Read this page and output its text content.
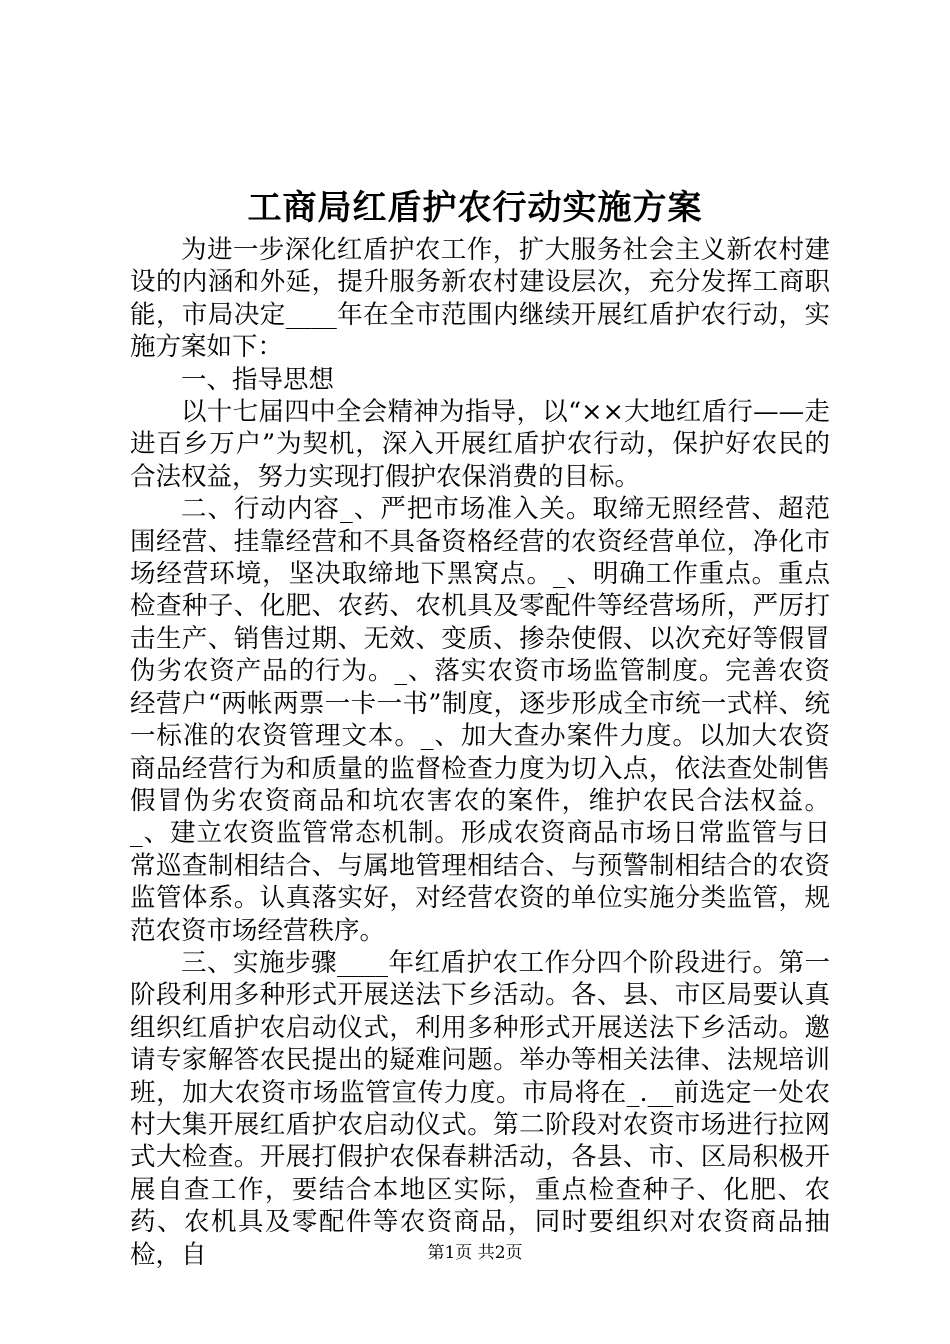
工商局红盾护农行动实施方案

为进一步深化红盾护农工作，扩大服务社会主义新农村建设的内涵和外延，提升服务新农村建设层次，充分发挥工商职能，市局决定____年在全市范围内继续开展红盾护农行动，实施方案如下：

一、指导思想

以十七届四中全会精神为指导，以“××大地红盾行——走进百乡万户”为契机，深入开展红盾护农行动，保护好农民的合法权益，努力实现打假护农保消费的目标。

二、行动内容_、严把市场准入关。取缔无照经营、超范围经营、挂靠经营和不具备资格经营的农资经营单位，净化市场经营环境，坚决取缔地下黑窝点。_、明确工作重点。重点检查种子、化肥、农药、农机具及零配件等经营场所，严厉打击生产、销售过期、无效、变质、掺杂使假、以次充好等假冒伪劣农资产品的行为。_、落实农资市场监管制度。完善农资经营户“两帐两票一卡一书”制度，逐步形成全市统一式样、统一标准的农资管理文本。_、加大查办案件力度。以加大农资商品经营行为和质量的监督检查力度为切入点，依法查处制售假冒伪劣农资商品和坑农害农的案件，维护农民合法权益。_、建立农资监管常态机制。形成农资商品市场日常监管与日常巡查制相结合、与属地管理相结合、与预警制相结合的农资监管体系。认真落实好，对经营农资的单位实施分类监管，规范农资市场经营秩序。

三、实施步骤____年红盾护农工作分四个阶段进行。第一阶段利用多种形式开展送法下乡活动。各、县、市区局要认真组织红盾护农启动仪式，利用多种形式开展送法下乡活动。邀请专家解答农民提出的疑难问题。举办等相关法律、法规培训班，加大农资市场监管宣传力度。市局将在_.__前选定一处农村大集开展红盾护农启动仪式。第二阶段对农资市场进行拉网式大检查。开展打假护农保春耕活动，各县、市、区局积极开展自查工作，要结合本地区实际，重点检查种子、化肥、农药、农机具及零配件等农资商品，同时要组织对农资商品抽检，自	第1页 共2页
